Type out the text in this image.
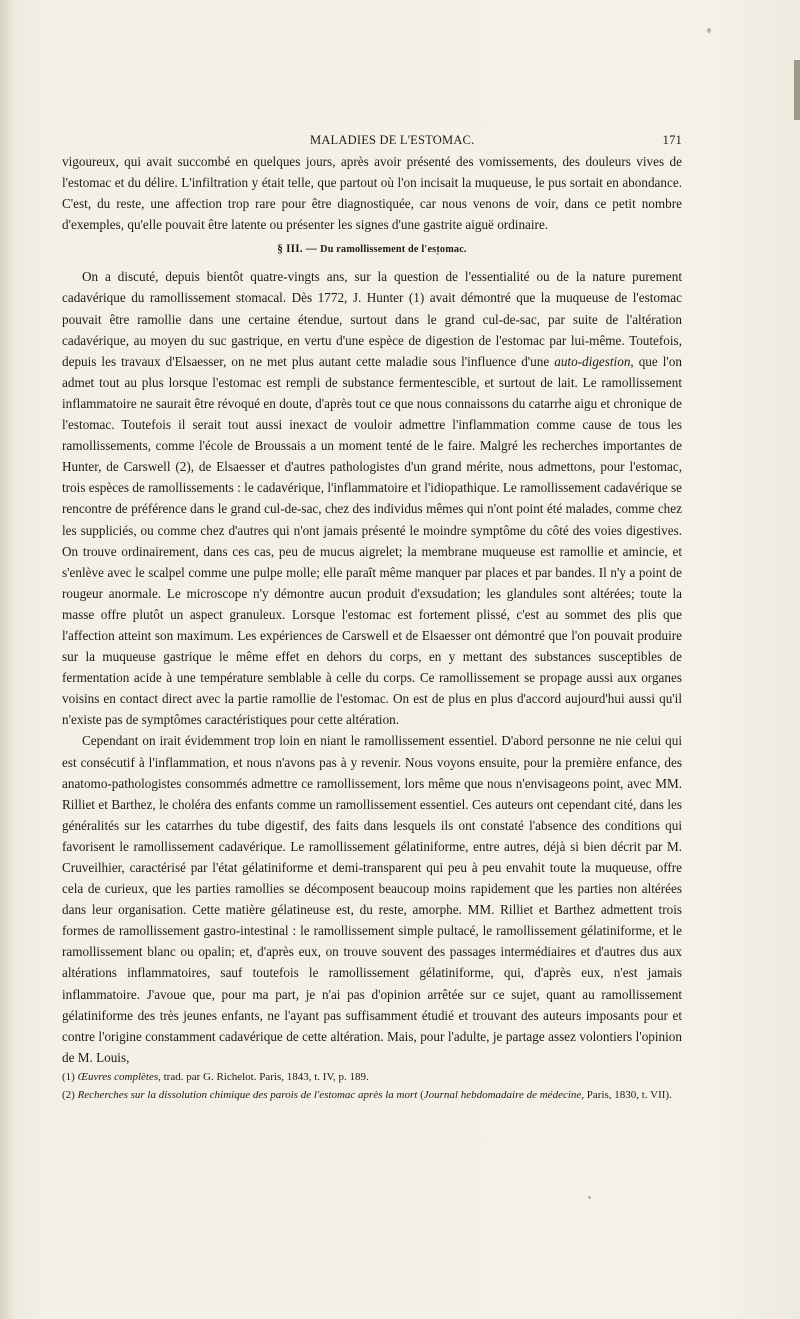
MALADIES DE L'ESTOMAC.	171

vigoureux, qui avait succombé en quelques jours, après avoir présenté des vomissements, des douleurs vives de l'estomac et du délire. L'infiltration y était telle, que partout où l'on incisait la muqueuse, le pus sortait en abondance. C'est, du reste, une affection trop rare pour être diagnostiquée, car nous venons de voir, dans ce petit nombre d'exemples, qu'elle pouvait être latente ou présenter les signes d'une gastrite aiguë ordinaire.

§ III. — Du ramollissement de l'estomac.

On a discuté, depuis bientôt quatre-vingts ans, sur la question de l'essentialité ou de la nature purement cadavérique du ramollissement stomacal. Dès 1772, J. Hunter (1) avait démontré que la muqueuse de l'estomac pouvait être ramollie dans une certaine étendue, surtout dans le grand cul-de-sac, par suite de l'altération cadavérique, au moyen du suc gastrique, en vertu d'une espèce de digestion de l'estomac par lui-même. Toutefois, depuis les travaux d'Elsaesser, on ne met plus autant cette maladie sous l'influence d'une auto-digestion, que l'on admet tout au plus lorsque l'estomac est rempli de substance fermentescible, et surtout de lait. Le ramollissement inflammatoire ne saurait être révoqué en doute, d'après tout ce que nous connaissons du catarrhe aigu et chronique de l'estomac. Toutefois il serait tout aussi inexact de vouloir admettre l'inflammation comme cause de tous les ramollissements, comme l'école de Broussais a un moment tenté de le faire. Malgré les recherches importantes de Hunter, de Carswell (2), de Elsaesser et d'autres pathologistes d'un grand mérite, nous admettons, pour l'estomac, trois espèces de ramollissements : le cadavérique, l'inflammatoire et l'idiopathique. Le ramollissement cadavérique se rencontre de préférence dans le grand cul-de-sac, chez des individus mêmes qui n'ont point été malades, comme chez les suppliciés, ou comme chez d'autres qui n'ont jamais présenté le moindre symptôme du côté des voies digestives. On trouve ordinairement, dans ces cas, peu de mucus aigrelet; la membrane muqueuse est ramollie et amincie, et s'enlève avec le scalpel comme une pulpe molle; elle paraît même manquer par places et par bandes. Il n'y a point de rougeur anormale. Le microscope n'y démontre aucun produit d'exsudation; les glandules sont altérées; toute la masse offre plutôt un aspect granuleux. Lorsque l'estomac est fortement plissé, c'est au sommet des plis que l'affection atteint son maximum. Les expériences de Carswell et de Elsaesser ont démontré que l'on pouvait produire sur la muqueuse gastrique le même effet en dehors du corps, en y mettant des substances susceptibles de fermentation acide à une température semblable à celle du corps. Ce ramollissement se propage aussi aux organes voisins en contact direct avec la partie ramollie de l'estomac. On est de plus en plus d'accord aujourd'hui aussi qu'il n'existe pas de symptômes caractéristiques pour cette altération.

Cependant on irait évidemment trop loin en niant le ramollissement essentiel. D'abord personne ne nie celui qui est consécutif à l'inflammation, et nous n'avons pas à y revenir. Nous voyons ensuite, pour la première enfance, des anatomo-pathologistes consommés admettre ce ramollissement, lors même que nous n'envisageons point, avec MM. Rilliet et Barthez, le choléra des enfants comme un ramollissement essentiel. Ces auteurs ont cependant cité, dans les généralités sur les catarrhes du tube digestif, des faits dans lesquels ils ont constaté l'absence des conditions qui favorisent le ramollissement cadavérique. Le ramollissement gélatiniforme, entre autres, déjà si bien décrit par M. Cruveilhier, caractérisé par l'état gélatiniforme et demi-transparent qui peu à peu envahit toute la muqueuse, offre cela de curieux, que les parties ramollies se décomposent beaucoup moins rapidement que les parties non altérées dans leur organisation. Cette matière gélatineuse est, du reste, amorphe. MM. Rilliet et Barthez admettent trois formes de ramollissement gastro-intestinal : le ramollissement simple pultacé, le ramollissement gélatiniforme, et le ramollissement blanc ou opalin; et, d'après eux, on trouve souvent des passages intermédiaires et d'autres dus aux altérations inflammatoires, sauf toutefois le ramollissement gélatiniforme, qui, d'après eux, n'est jamais inflammatoire. J'avoue que, pour ma part, je n'ai pas d'opinion arrêtée sur ce sujet, quant au ramollissement gélatiniforme des très jeunes enfants, ne l'ayant pas suffisamment étudié et trouvant des auteurs imposants pour et contre l'origine constamment cadavérique de cette altération. Mais, pour l'adulte, je partage assez volontiers l'opinion de M. Louis,

(1) Œuvres complètes, trad. par G. Richelot. Paris, 1843, t. IV, p. 189.
(2) Recherches sur la dissolution chimique des parois de l'estomac après la mort (Journal hebdomadaire de médecine, Paris, 1830, t. VII).
